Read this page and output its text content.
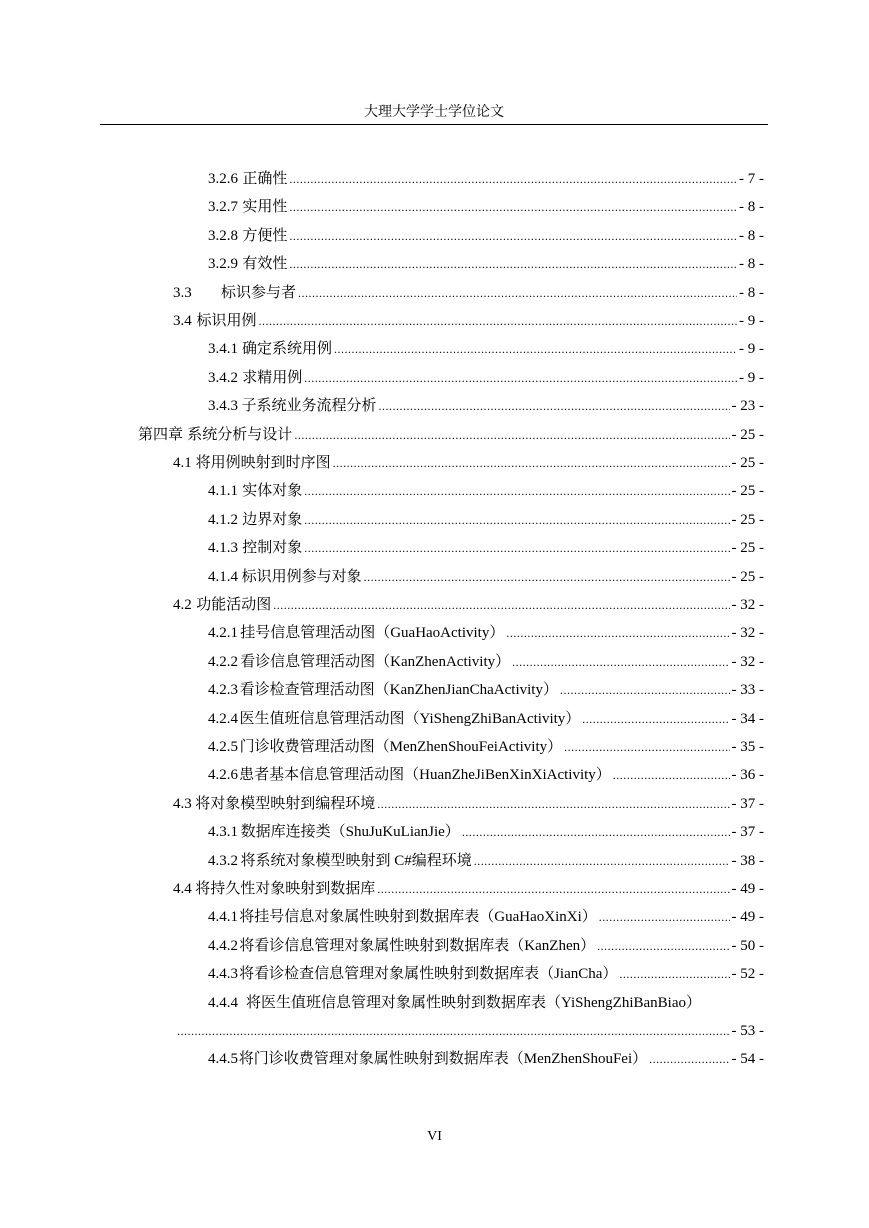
大理大学学士学位论文
3.2.6 正确性 .....	- 7 -
3.2.7 实用性 .....	- 8 -
3.2.8 方便性 .....	- 8 -
3.2.9 有效性 .....	- 8 -
3.3 标识参与者 .....	- 8 -
3.4 标识用例 .....	- 9 -
3.4.1 确定系统用例 .....	- 9 -
3.4.2 求精用例 .....	- 9 -
3.4.3 子系统业务流程分析 .....	- 23 -
第四章 系统分析与设计 .....	- 25 -
4.1 将用例映射到时序图 .....	- 25 -
4.1.1 实体对象 .....	- 25 -
4.1.2 边界对象 .....	- 25 -
4.1.3 控制对象 .....	- 25 -
4.1.4 标识用例参与对象 .....	- 25 -
4.2 功能活动图 .....	- 32 -
4.2.1 挂号信息管理活动图（GuaHaoActivity） .....	- 32 -
4.2.2 看诊信息管理活动图（KanZhenActivity） .....	- 32 -
4.2.3 看诊检查管理活动图（KanZhenJianChaActivity） .....	- 33 -
4.2.4 医生值班信息管理活动图（YiShengZhiBanActivity） .....	- 34 -
4.2.5 门诊收费管理活动图（MenZhenShouFeiActivity） .....	- 35 -
4.2.6 患者基本信息管理活动图（HuanZheJiBenXinXiActivity） .....	- 36 -
4.3 将对象模型映射到编程环境 .....	- 37 -
4.3.1 数据库连接类（ShuJuKuLianJie） .....	- 37 -
4.3.2 将系统对象模型映射到 C#编程环境 .....	- 38 -
4.4 将持久性对象映射到数据库 .....	- 49 -
4.4.1 将挂号信息对象属性映射到数据库表（GuaHaoXinXi） .....	- 49 -
4.4.2 将看诊信息管理对象属性映射到数据库表（KanZhen） .....	- 50 -
4.4.3 将看诊检查信息管理对象属性映射到数据库表（JianCha） .....	- 52 -
4.4.4 将医生值班信息管理对象属性映射到数据库表（YiShengZhiBanBiao）
.....
- 53 -
4.4.5 将门诊收费管理对象属性映射到数据库表（MenZhenShouFei） .....	- 54 -
VI
